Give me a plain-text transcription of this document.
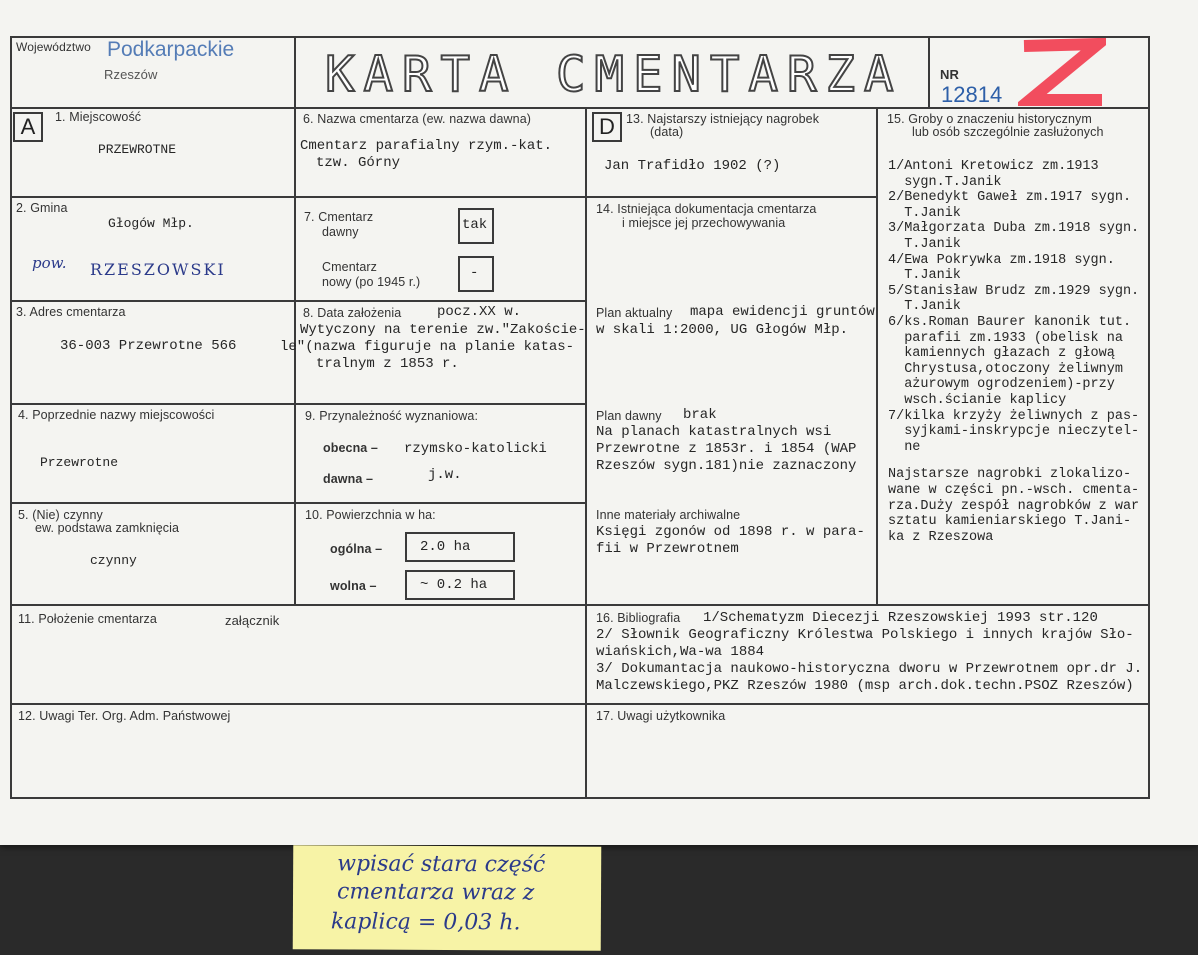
Województwo Podkarpackie
Rzeszów	KARTA CMENTARZA	NR
12814
A	D
1. Miejscowość
PRZEWROTNE
2. Gmina
Głogów Młp.
pow. RZESZOWSKI
3. Adres cmentarza
36-003 Przewrotne 566
4. Poprzednie nazwy miejscowości
Przewrotne
5. (Nie) czynny
ew. podstawa zamknięcia
czynny
6. Nazwa cmentarza (ew. nazwa dawna)
Cmentarz parafialny rzym.-kat.
tzw. Górny
7. Cmentarz
dawny	tak
Cmentarz
nowy (po 1945 r.)
-
8. Data założenia	pocz.XX w.
Wytyczony na terenie zw."Zakoście-
le"(nazwa figuruje na planie katas-
tralnym z 1853 r.
9. Przynależność wyznaniowa:
obecna – rzymsko-katolicki
dawna –	j.w.
10. Powierzchnia w ha:
ogólna –	2.0 ha
wolna –	~ 0.2 ha
11. Położenie cmentarza	załącznik
12. Uwagi Ter. Org. Adm. Państwowej
13. Najstarszy istniejący nagrobek
(data)
Jan Trafidło 1902 (?)
14. Istniejąca dokumentacja cmentarza
i miejsce jej przechowywania
Plan aktualny mapa ewidencji gruntów
w skali 1:2000, UG Głogów Młp.
Plan dawny brak
Na planach katastralnych wsi
Przewrotne z 1853r. i 1854 (WAP
Rzeszów sygn.181)nie zaznaczony
Inne materiały archiwalne
Księgi zgonów od 1898 r. w para-
fii w Przewrotnem
15. Groby o znaczeniu historycznym
lub osób szczególnie zasłużonych
1/Antoni Kretowicz zm.1913
sygn.T.Janik
2/Benedykt Gaweł zm.1917 sygn.
T.Janik
3/Małgorzata Duba zm.1918 sygn.
T.Janik
4/Ewa Pokrywka zm.1918 sygn.
T.Janik
5/Stanisław Brudz zm.1929 sygn.
T.Janik
6/ks.Roman Baurer kanonik tut.
parafii zm.1933 (obelisk na
kamiennych głazach z głową
Chrystusa,otoczony żeliwnym
ażurowym ogrodzeniem)-przy
wsch.ścianie kaplicy
7/kilka krzyży żeliwnych z pas-
syjkami-inskrypcje nieczytel-
ne
Najstarsze nagrobki zlokalizo-
wane w części pn.-wsch. cmenta-
rza.Duży zespół nagrobków z war
sztatu kamieniarskiego T.Jani-
ka z Rzeszowa
16. Bibliografia 1/Schematyzm Diecezji Rzeszowskiej 1993 str.120
2/ Słownik Geograficzny Królestwa Polskiego i innych krajów Sło-
wiańskich,Wa-wa 1884
3/ Dokumantacja naukowo-historyczna dworu w Przewrotnem opr.dr J.
Malczewskiego,PKZ Rzeszów 1980 (msp arch.dok.techn.PSOZ Rzeszów)
17. Uwagi użytkownika
wpisać stara część
cmentarza wraz z
kaplicą = 0,03 h.
